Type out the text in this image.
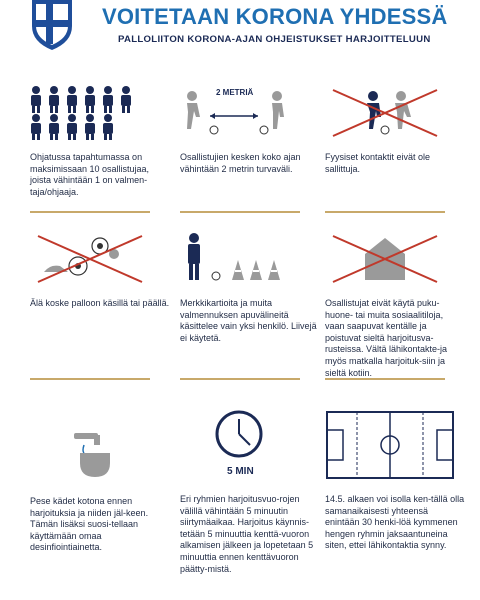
VOITETAAN KORONA YHDESSÄ
PALLOLIITON KORONA-AJAN OHJEISTUKSET HARJOITTELUUN
Ohjatussa tapahtumassa on maksimissaan 10 osallistujaa, joista vähintään 1 on valmen-taja/ohjaaja.
2 METRIÄ
Osallistujien kesken koko ajan vähintään 2 metrin turvaväli.
Fyysiset kontaktit eivät ole sallittuja.
Älä koske palloon käsillä tai päällä. Merkkikartioita ja muita valmennuksen apuvälineitä käsittelee vain yksi henkilö. Liivejä ei käytetä.
Osallistujat eivät käytä puku-huone- tai muita sosiaalitiloja, vaan saapuvat kentälle ja poistuvat sieltä harjoitusva-rusteissa. Vältä lähikontakte-ja myös matkalla harjoituk-siin ja sieltä kotiin.
Pese kädet kotona ennen harjoituksia ja niiden jäl-keen. Tämän lisäksi suosi-tellaan käyttämään omaa desinfiointiainetta.
5 MIN
Eri ryhmien harjoitusvuo-rojen välillä vähintään 5 minuutin siirtymäaikaa. Harjoitus käynnis-tetään 5 minuuttia kenttä-vuoron alkamisen jälkeen ja lopetetaan 5 minuuttia ennen kenttävuoron päätty-mistä.
14.5. alkaen voi isolla ken-tällä olla samanaikaisesti yhteensä enintään 30 henki-löä kymmenen hengen ryhmin jaksaantuneina siten, ettei lähikontaktia synny.
